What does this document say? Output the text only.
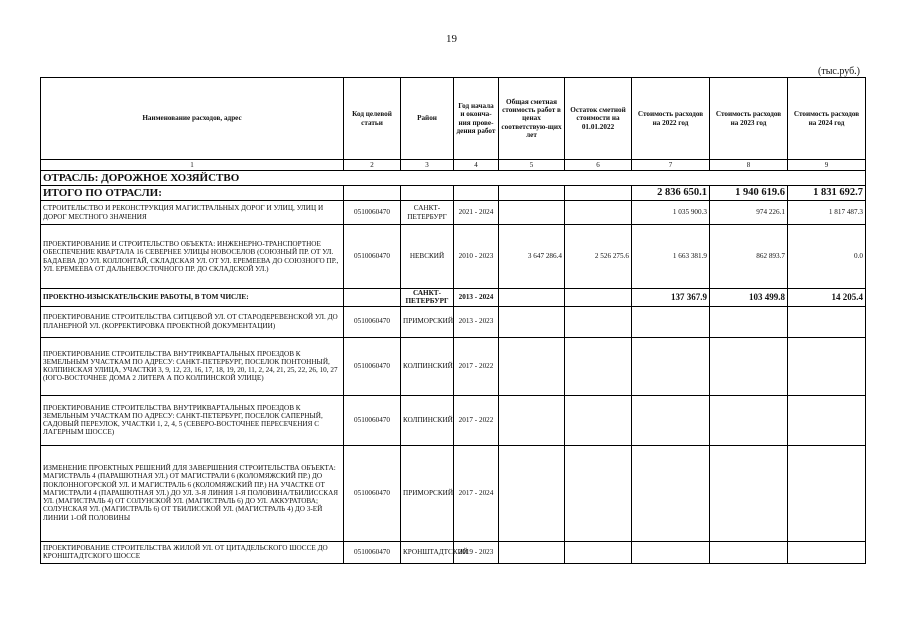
19
(тыс.руб.)
Наименование расходов, адрес	Код целевой статьи	Район	Год начала и оконча-ния прове-дения работ	Общая сметная стоимость работ в ценах соответствую-щих лет	Остаток сметной стоимости на 01.01.2022	Стоимость расходов на 2022 год	Стоимость расходов на 2023 год	Стоимость расходов на 2024 год
1	2	3	4	5	6	7	8	9
ОТРАСЛЬ: ДОРОЖНОЕ ХОЗЯЙСТВО								
ИТОГО ПО ОТРАСЛИ:						2 836 650.1	1 940 619.6	1 831 692.7
СТРОИТЕЛЬСТВО И РЕКОНСТРУКЦИЯ МАГИСТРАЛЬНЫХ ДОРОГ И УЛИЦ, УЛИЦ И ДОРОГ МЕСТНОГО ЗНАЧЕНИЯ	0510060470	САНКТ-ПЕТЕРБУРГ	2021 - 2024			1 035 900.3	974 226.1	1 817 487.3
ПРОЕКТИРОВАНИЕ И СТРОИТЕЛЬСТВО ОБЪЕКТА: ИНЖЕНЕРНО-ТРАНСПОРТНОЕ ОБЕСПЕЧЕНИЕ КВАРТАЛА 16 СЕВЕРНЕЕ УЛИЦЫ НОВОСЕЛОВ (СОЮЗНЫЙ ПР. ОТ УЛ. БАДАЕВА ДО УЛ. КОЛЛОНТАЙ, СКЛАДСКАЯ УЛ. ОТ УЛ. ЕРЕМЕЕВА ДО СОЮЗНОГО ПР., УЛ. ЕРЕМЕЕВА ОТ ДАЛЬНЕВОСТОЧНОГО ПР. ДО СКЛАДСКОЙ УЛ.)	0510060470	НЕВСКИЙ	2010 - 2023	3 647 286.4	2 526 275.6	1 663 381.9	862 893.7	0.0
ПРОЕКТНО-ИЗЫСКАТЕЛЬСКИЕ РАБОТЫ, В ТОМ ЧИСЛЕ:		САНКТ-ПЕТЕРБУРГ	2013 - 2024			137 367.9	103 499.8	14 205.4
ПРОЕКТИРОВАНИЕ СТРОИТЕЛЬСТВА СИТЦЕВОЙ УЛ. ОТ СТАРОДЕРЕВЕНСКОЙ УЛ. ДО ПЛАНЕРНОЙ УЛ. (КОРРЕКТИРОВКА ПРОЕКТНОЙ ДОКУМЕНТАЦИИ)	0510060470	ПРИМОРСКИЙ	2013 - 2023					
ПРОЕКТИРОВАНИЕ СТРОИТЕЛЬСТВА ВНУТРИКВАРТАЛЬНЫХ ПРОЕЗДОВ К ЗЕМЕЛЬНЫМ УЧАСТКАМ ПО АДРЕСУ: САНКТ-ПЕТЕРБУРГ, ПОСЕЛОК ПОНТОННЫЙ, КОЛПИНСКАЯ УЛИЦА, УЧАСТКИ 3, 9, 12, 23, 16, 17, 18, 19, 20, 11, 2, 24, 21, 25, 22, 26, 10, 27 (ЮГО-ВОСТОЧНЕЕ ДОМА 2 ЛИТЕРА А ПО КОЛПИНСКОЙ УЛИЦЕ)	0510060470	КОЛПИНСКИЙ	2017 - 2022					
ПРОЕКТИРОВАНИЕ СТРОИТЕЛЬСТВА ВНУТРИКВАРТАЛЬНЫХ ПРОЕЗДОВ К ЗЕМЕЛЬНЫМ УЧАСТКАМ ПО АДРЕСУ: САНКТ-ПЕТЕРБУРГ, ПОСЕЛОК САПЕРНЫЙ, САДОВЫЙ ПЕРЕУЛОК, УЧАСТКИ 1, 2, 4, 5 (СЕВЕРО-ВОСТОЧНЕЕ ПЕРЕСЕЧЕНИЯ С ЛАГЕРНЫМ ШОССЕ)	0510060470	КОЛПИНСКИЙ	2017 - 2022					
ИЗМЕНЕНИЕ ПРОЕКТНЫХ РЕШЕНИЙ ДЛЯ ЗАВЕРШЕНИЯ СТРОИТЕЛЬСТВА ОБЪЕКТА: МАГИСТРАЛЬ 4 (ПАРАШЮТНАЯ УЛ.) ОТ МАГИСТРАЛИ 6 (КОЛОМЯЖСКИЙ ПР.) ДО ПОКЛОННОГОРСКОЙ УЛ. И МАГИСТРАЛЬ 6 (КОЛОМЯЖСКИЙ ПР.) НА УЧАСТКЕ ОТ МАГИСТРАЛИ 4 (ПАРАШЮТНАЯ УЛ.) ДО УЛ. 3-Я ЛИНИЯ 1-Я ПОЛОВИНА/ТБИЛИССКАЯ УЛ. (МАГИСТРАЛЬ 4) ОТ СОЛУНСКОЙ УЛ. (МАГИСТРАЛЬ 6) ДО УЛ. АККУРАТОВА; СОЛУНСКАЯ УЛ. (МАГИСТРАЛЬ 6) ОТ ТБИЛИССКОЙ УЛ. (МАГИСТРАЛЬ 4) ДО 3-ЕЙ ЛИНИИ 1-ОЙ ПОЛОВИНЫ	0510060470	ПРИМОРСКИЙ	2017 - 2024					
ПРОЕКТИРОВАНИЕ СТРОИТЕЛЬСТВА ЖИЛОЙ УЛ. ОТ ЦИТАДЕЛЬСКОГО ШОССЕ ДО КРОНШТАДТСКОГО ШОССЕ	0510060470	КРОНШТАДТСКИЙ	2019 - 2023					
